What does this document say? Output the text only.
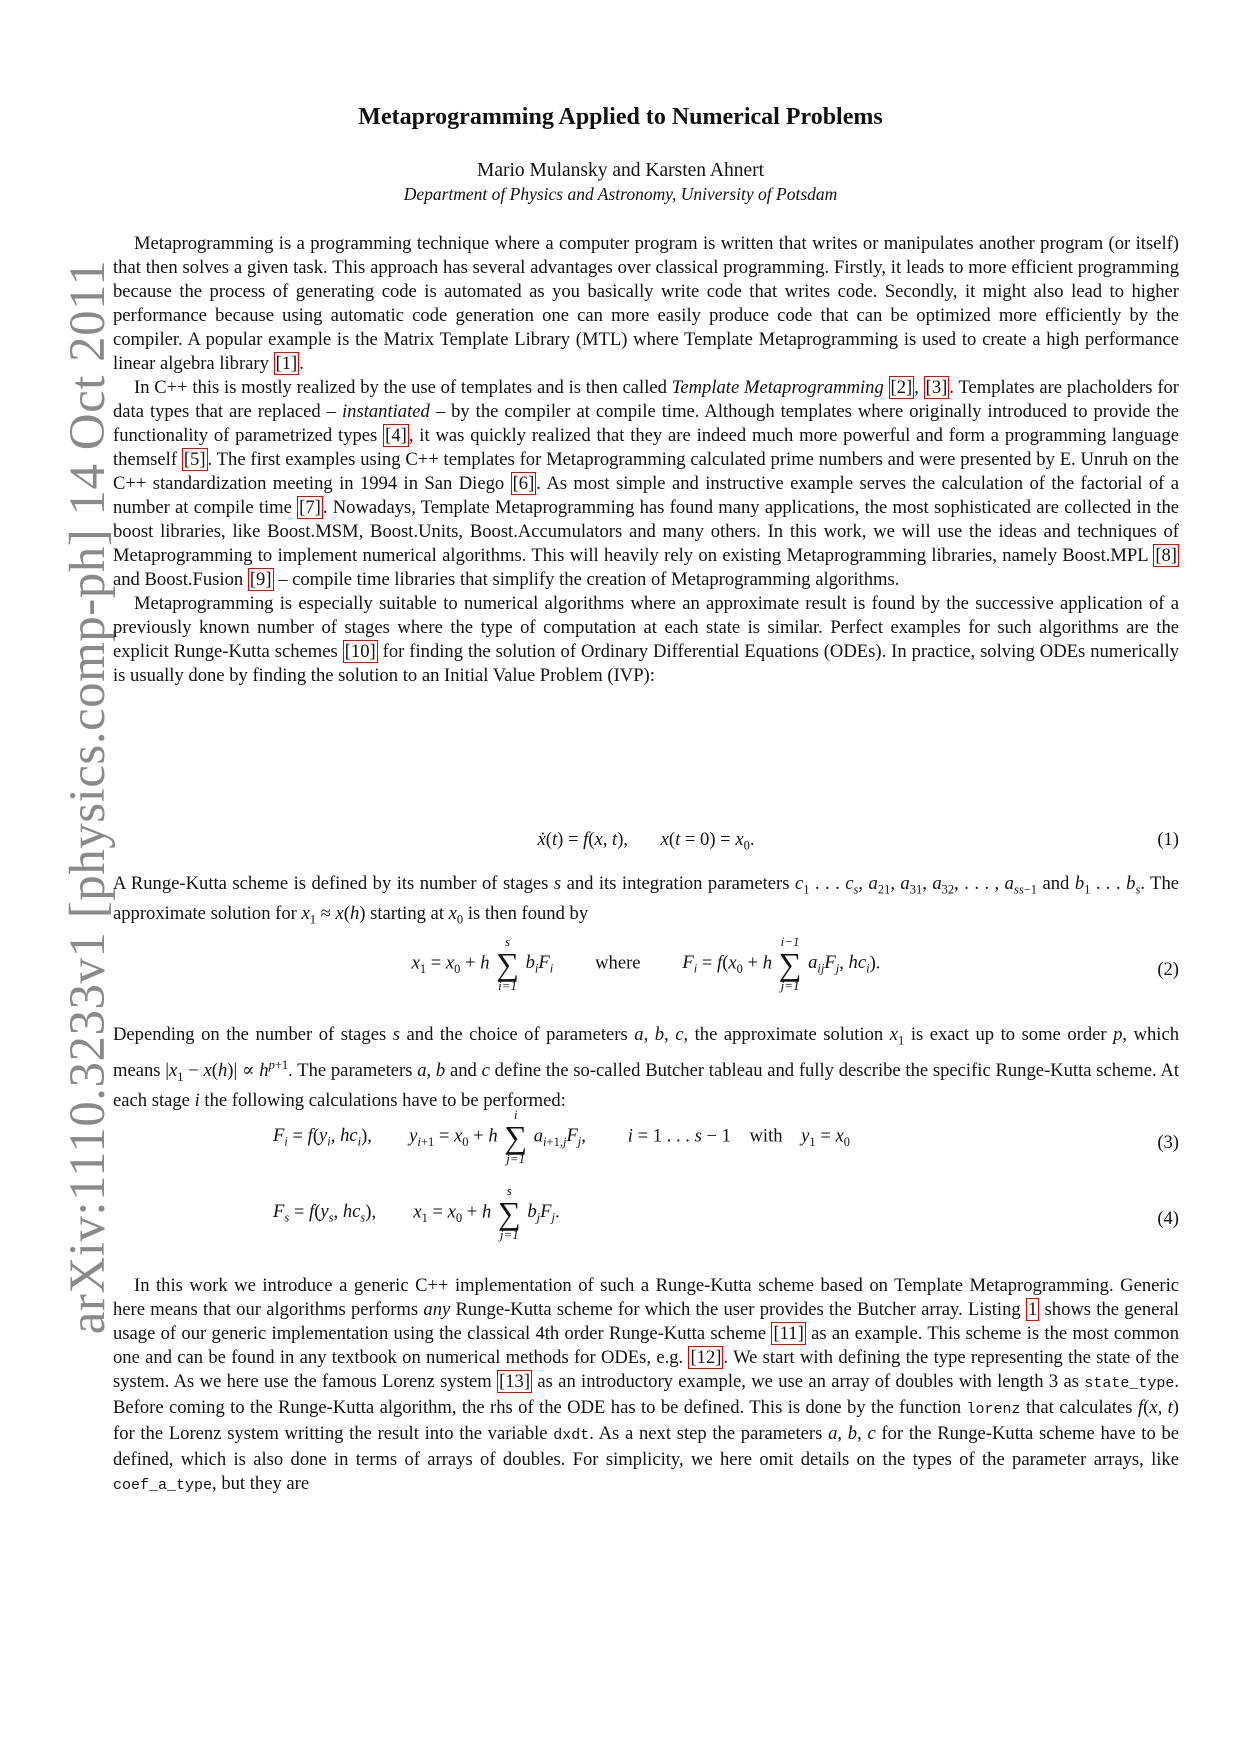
arXiv:1110.3233v1 [physics.comp-ph] 14 Oct 2011
Metaprogramming Applied to Numerical Problems
Mario Mulansky and Karsten Ahnert
Department of Physics and Astronomy, University of Potsdam

Metaprogramming is a programming technique where a computer program is written that writes or manipulates another program (or itself) that then solves a given task. This approach has several advantages over classical programming. Firstly, it leads to more efficient programming because the process of generating code is automated as you basically write code that writes code. Secondly, it might also lead to higher performance because using automatic code generation one can more easily produce code that can be optimized more efficiently by the compiler. A popular example is the Matrix Template Library (MTL) where Template Metaprogramming is used to create a high performance linear algebra library [1] .

In C++ this is mostly realized by the use of templates and is then called Template Metaprogramming [2] , [3] . Templates are placholders for data types that are replaced – instantiated – by the compiler at compile time. Although templates where originally introduced to provide the functionality of parametrized types [4] , it was quickly realized that they are indeed much more powerful and form a programming language themself [5] . The first examples using C++ templates for Metaprogramming calculated prime numbers and were presented by E. Unruh on the C++ standardization meeting in 1994 in San Diego [6] . As most simple and instructive example serves the calculation of the factorial of a number at compile time [7] . Nowadays, Template Metaprogramming has found many applications, the most sophisticated are collected in the boost libraries, like Boost.MSM, Boost.Units, Boost.Accumulators and many others. In this work, we will use the ideas and techniques of Metaprogramming to implement numerical algorithms. This will heavily rely on existing Metaprogramming libraries, namely Boost.MPL [8] and Boost.Fusion [9] – compile time libraries that simplify the creation of Metaprogramming algorithms.

Metaprogramming is especially suitable to numerical algorithms where an approximate result is found by the successive application of a previously known number of stages where the type of computation at each state is similar. Perfect examples for such algorithms are the explicit Runge-Kutta schemes [10] for finding the solution of Ordinary Differential Equations (ODEs). In practice, solving ODEs numerically is usually done by finding the solution to an Initial Value Problem (IVP):

ẋ(t) = f(x, t),       $x(t = 0) = x_0$.	(1)

A Runge-Kutta scheme is defined by its number of stages s and its integration parameters $c_1$ . . . $c_s$, $a_{21}$, $a_{31}$, $a_{32}$, . . . , $a_{ss-1}$ and $b_1$ . . . $b_s$. The approximate solution for $x_1 \approx x(h)$ starting at $x_0$ is then found by

$x_1 = x_0 + h$
s
∑
i=1
$b_iF_i$ where $F_i = f(x_0 + h$
i−1
∑
j=1
$a_{ij}F_j$, $hc_i$).	(2)

Depending on the number of stages s and the choice of parameters a, b, c, the approximate solution $x_1$ is exact up to some order p, which means $|x_1 - x(h)| \propto h^{p+1}$. The parameters a, b and c define the so-called Butcher tableau and fully describe the specific Runge-Kutta scheme. At each stage i the following calculations have to be performed:

$F_i = f(y_i$, $hc_i$),        $y_{i+1} = x_0 + h$
i
∑
j=1
$a_{i+1,j}F_j$,         i = 1 . . . s − 1    with $y_1 = x_0$	(3)
$F_s = f(y_s$, $hc_s$),        $x_1 = x_0 + h$
s
∑
j=1
$b_jF_j$.	(4)

In this work we introduce a generic C++ implementation of such a Runge-Kutta scheme based on Template Metaprogramming. Generic here means that our algorithms performs any Runge-Kutta scheme for which the user provides the Butcher array. Listing 1 shows the general usage of our generic implementation using the classical 4th order Runge-Kutta scheme [11] as an example. This scheme is the most common one and can be found in any textbook on numerical methods for ODEs, e.g. [12] . We start with defining the type representing the state of the system. As we here use the famous Lorenz system [13] as an introductory example, we use an array of doubles with length 3 as state_type. Before coming to the Runge-Kutta algorithm, the rhs of the ODE has to be defined. This is done by the function lorenz that calculates f(x, t) for the Lorenz system writting the result into the variable dxdt. As a next step the parameters a, b, c for the Runge-Kutta scheme have to be defined, which is also done in terms of arrays of doubles. For simplicity, we here omit details on the types of the parameter arrays, like coef_a_type, but they are
